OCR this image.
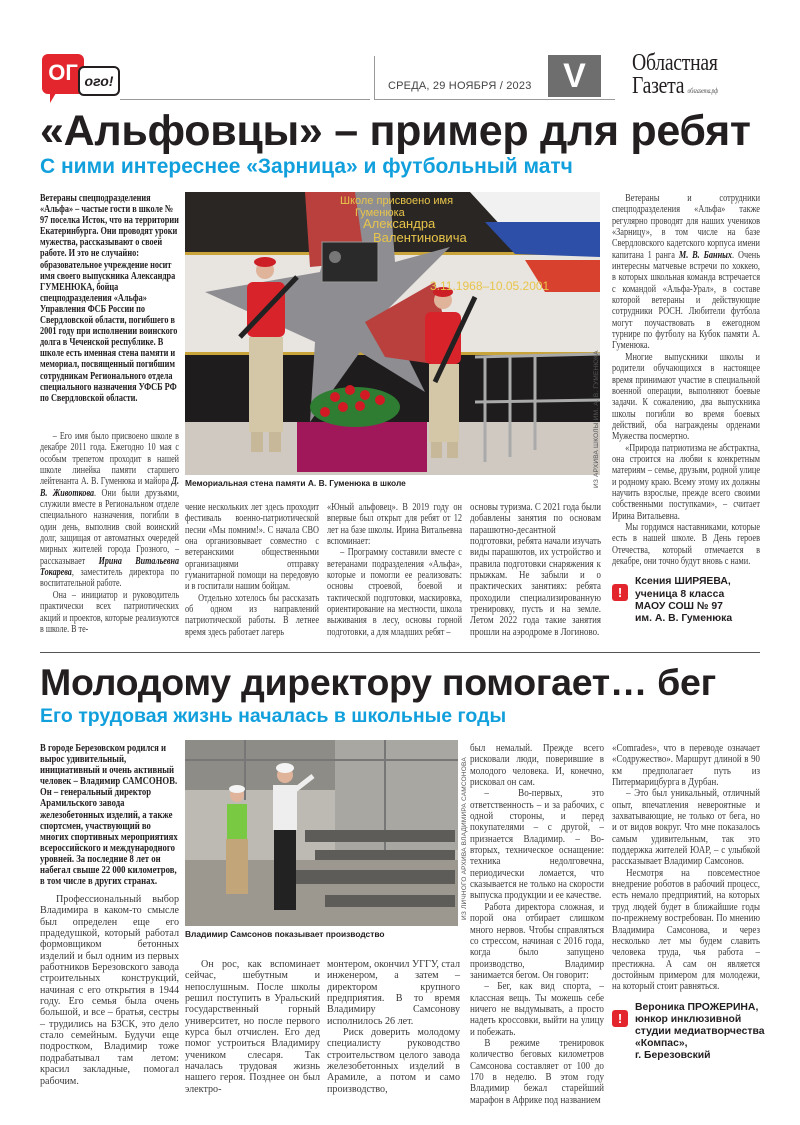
ОГ ого!	СРЕДА, 29 НОЯБРЯ / 2023 V	Областная
Газета облгазета.рф
«Альфовцы» – пример для ребят
С ними интереснее «Зарница» и футбольный матч
Ветераны спецподразделения «Альфа» – частые гости в школе № 97 поселка Исток, что на территории Екатеринбурга. Они проводят уроки мужества, рассказывают о своей работе. И это не случайно: образовательное учреждение носит имя своего выпускника Александра ГУМЕНЮКА, бойца спецподразделения «Альфа» Управления ФСБ России по Свердловской области, погибшего в 2001 году при исполнении воинского долга в Чеченской республике. В школе есть именная стена памяти и мемориал, посвященный погибшим сотрудникам Регионального отдела специального назначения УФСБ РФ по Свердловской области.
Школе присвоено имя
Гуменюка
Александра
Валентиновича
3.11.1968–10.05.2001
ИЗ АРХИВА ШКОЛЫ ИМ. А. В. ГУМЕНЮКА
Мемориальная стена памяти А. В. Гуменюка в школе

– Его имя было присвоено школе в декабре 2011 года. Ежегодно 10 мая с особым трепетом проходит в нашей школе линейка памяти старшего лейтенанта А. В. Гуменюка и майора Д. В. Животкова. Они были друзьями, служили вместе в Региональном отделе специального назначения, погибли в один день, выполнив свой воинский долг, защищая от автоматных очередей мирных жителей города Грозного, – рассказывает Ирина Витальевна Токарева, заместитель директора по воспитательной работе.

Она – инициатор и руководитель практически всех патриотических акций и проектов, которые реализуются в школе. В те-

чение нескольких лет здесь проходит фестиваль военно-патриотической песни «Мы помним!». С начала СВО она организовывает совместно с ветеранскими общественными организациями отправку гуманитарной помощи на передовую и в госпитали нашим бойцам.

Отдельно хотелось бы рассказать об одном из направлений патриотической работы. В летнее время здесь работает лагерь

«Юный альфовец». В 2019 году он впервые был открыт для ребят от 12 лет на базе школы. Ирина Витальевна вспоминает:

– Программу составили вместе с ветеранами подразделения «Альфа», которые и помогли ее реализовать: основы строевой, боевой и тактической подготовки, маскировка, ориентирование на местности, школа выживания в лесу, основы горной подготовки, а для младших ребят –

основы туризма. С 2021 года были добавлены занятия по основам парашютно-десантной подготовки, ребята начали изучать виды парашютов, их устройство и правила подготовки снаряжения к прыжкам. Не забыли и о практических занятиях: ребята проходили специализированную тренировку, пусть и на земле. Летом 2022 года такие занятия прошли на аэродроме в Логиново.

Ветераны и сотрудники спецподразделения «Альфа» также регулярно проводят для наших учеников «Зарницу», в том числе на базе Свердловского кадетского корпуса имени капитана 1 ранга М. В. Банных. Очень интересны матчевые встречи по хоккею, в которых школьная команда встречается с командой «Альфа-Урал», в составе которой ветераны и действующие сотрудники РОСН. Любители футбола могут поучаствовать в ежегодном турнире по футболу на Кубок памяти А. Гуменюка.

Многие выпускники школы и родители обучающихся в настоящее время принимают участие в специальной военной операции, выполняют боевые задачи. К сожалению, два выпускника школы погибли во время боевых действий, оба награждены орденами Мужества посмертно.

«Природа патриотизма не абстрактна, она строится на любви к конкретным материям – семье, друзьям, родной улице и родному краю. Всему этому их должны научить взрослые, прежде всего своими собственными поступками», – считает Ирина Витальевна.

Мы гордимся наставниками, которые есть в нашей школе. В День героев Отечества, который отмечается в декабре, они точно будут вновь с нами.

!
Ксения ШИРЯЕВА,
ученица 8 класса
МАОУ СОШ № 97
им. А. В. Гуменюка
Молодому директору помогает… бег
Его трудовая жизнь началась в школьные годы
В городе Березовском родился и вырос удивительный, инициативный и очень активный человек – Владимир САМСОНОВ. Он – генеральный директор Арамильского завода железобетонных изделий, а также спортсмен, участвующий во многих спортивных мероприятиях всероссийского и международного уровней. За последние 8 лет он набегал свыше 22 000 километров, в том числе в других странах.	ИЗ ЛИЧНОГО АРХИВА ВЛАДИМИРА САМСОНОВА
Владимир Самсонов показывает производство

Профессиональный выбор Владимира в каком-то смысле был определен еще его прадедушкой, который работал формовщиком бетонных изделий и был одним из первых работников Березовского завода строительных конструкций, начиная с его открытия в 1944 году. Его семья была очень большой, и все – братья, сестры – трудились на БЗСК, это дело стало семейным. Будучи еще подростком, Владимир тоже подрабатывал там летом: красил закладные, помогал рабочим.

Он рос, как вспоминает сейчас, шебутным и непослушным. После школы решил поступить в Уральский государственный горный университет, но после первого курса был отчислен. Его дед помог устроиться Владимиру учеником слесаря. Так началась трудовая жизнь нашего героя. Позднее он был электро-

монтером, окончил УГГУ, стал инженером, а затем – директором крупного предприятия. В то время Владимиру Самсонову исполнилось 26 лет.

Риск доверить молодому специалисту руководство строительством целого завода железобетонных изделий в Арамиле, а потом и само производство,

был немалый. Прежде всего рисковали люди, поверившие в молодого человека. И, конечно, рисковал он сам.

– Во-первых, это ответственность – и за рабочих, с одной стороны, и перед покупателями – с другой, – признается Владимир. – Во-вторых, техническое оснащение: техника недолговечна, периодически ломается, что сказывается не только на скорости выпуска продукции и ее качестве.

Работа директора сложная, и порой она отбирает слишком много нервов. Чтобы справляться со стрессом, начиная с 2016 года, когда было запущено производство, Владимир занимается бегом. Он говорит:

– Бег, как вид спорта, – классная вещь. Ты можешь себе ничего не выдумывать, а просто надеть кроссовки, выйти на улицу и побежать.

В режиме тренировок количество беговых километров Самсонова составляет от 100 до 170 в неделю. В этом году Владимир бежал старейший марафон в Африке под названием

«Comrades», что в переводе означает «Содружество». Маршрут длиной в 90 км предполагает путь из Питермарицбурга в Дурбан.

– Это был уникальный, отличный опыт, впечатления невероятные и захватывающие, не только от бега, но и от видов вокруг. Что мне показалось самым удивительным, так это поддержка жителей ЮАР, – с улыбкой рассказывает Владимир Самсонов.

Несмотря на повсеместное внедрение роботов в рабочий процесс, есть немало предприятий, на которых труд людей будет в ближайшие годы по-прежнему востребован. По мнению Владимира Самсонова, и через несколько лет мы будем славить человека труда, чья работа – престижна. А сам он является достойным примером для молодежи, на который стоит равняться.

!
Вероника ПРОЖЕРИНА,
юнкор инклюзивной
студии медиатворчества
«Компас»,
г. Березовский
